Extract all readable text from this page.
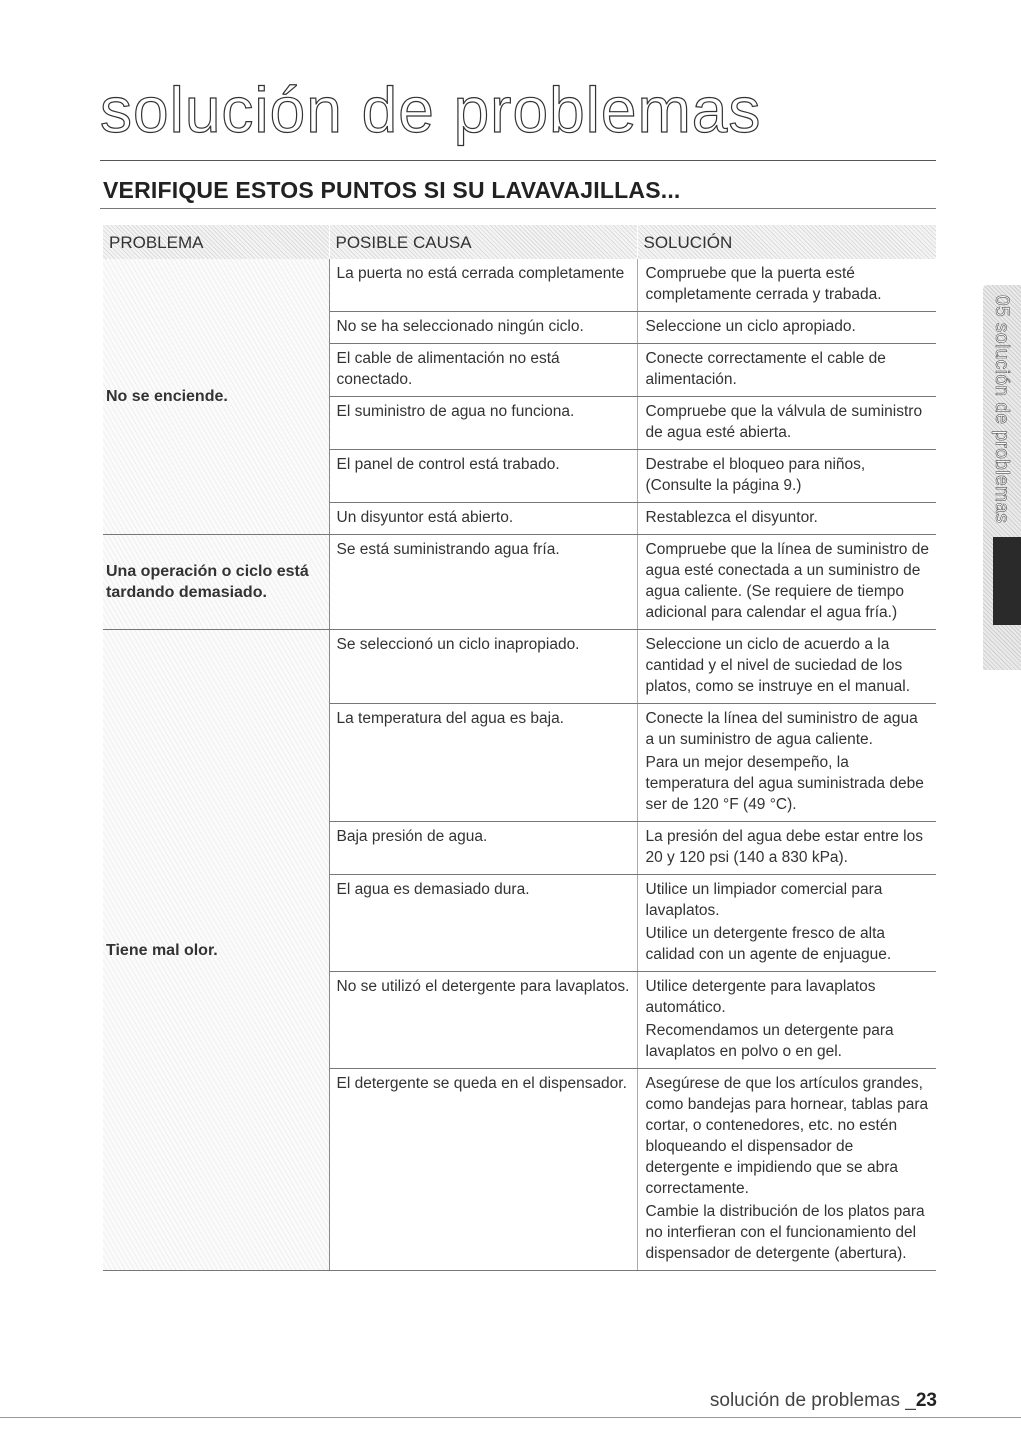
solución de problemas
VERIFIQUE ESTOS PUNTOS SI SU LAVAVAJILLAS...
05 solución de problemas
PROBLEMA	POSIBLE CAUSA	SOLUCIÓN
No se enciende.	La puerta no está cerrada completamente	Compruebe que la puerta esté completamente cerrada y trabada.

	No se ha seleccionado ningún ciclo.	Seleccione un ciclo apropiado.

	El cable de alimentación no está conectado.	Conecte correctamente el cable de alimentación.

	El suministro de agua no funciona.	Compruebe que la válvula de suministro de agua esté abierta.

	El panel de control está trabado.	Destrabe el bloqueo para niños, (Consulte la página 9.)

	Un disyuntor está abierto.	Restablezca el disyuntor.

Una operación o ciclo está tardando demasiado.	Se está suministrando agua fría.	Compruebe que la línea de suministro de agua esté conectada a un suministro de agua caliente. (Se requiere de tiempo adicional para calendar el agua fría.)

Tiene mal olor.	Se seleccionó un ciclo inapropiado.	Seleccione un ciclo de acuerdo a la cantidad y el nivel de suciedad de los platos, como se instruye en el manual.

	La temperatura del agua es baja.	Conecte la línea del suministro de agua a un suministro de agua caliente.
Para un mejor desempeño, la temperatura del agua suministrada debe ser de 120 °F (49 °C).

	Baja presión de agua.	La presión del agua debe estar entre los 20 y 120 psi (140 a 830 kPa).

	El agua es demasiado dura.	Utilice un limpiador comercial para lavaplatos.
Utilice un detergente fresco de alta calidad con un agente de enjuague.

	No se utilizó el detergente para lavaplatos.	Utilice detergente para lavaplatos automático.
Recomendamos un detergente para lavaplatos en polvo o en gel.

	El detergente se queda en el dispensador.	Asegúrese de que los artículos grandes, como bandejas para hornear, tablas para cortar, o contenedores, etc. no estén bloqueando el dispensador de detergente e impidiendo que se abra correctamente.
Cambie la distribución de los platos para no interfieran con el funcionamiento del dispensador de detergente (abertura).
solución de problemas _23
